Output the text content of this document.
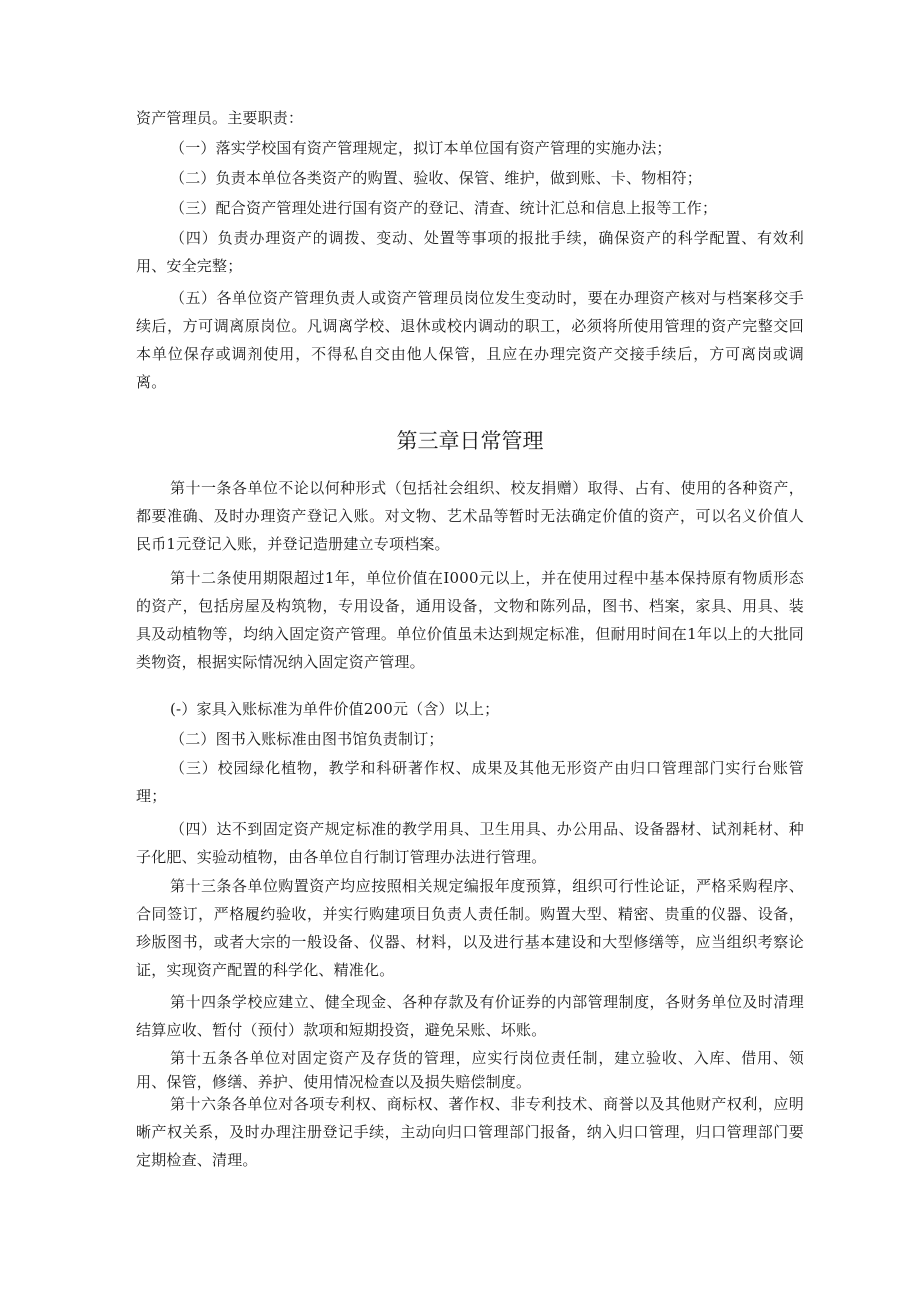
资产管理员。主要职责：

（一）落实学校国有资产管理规定，拟订本单位国有资产管理的实施办法；

（二）负责本单位各类资产的购置、验收、保管、维护，做到账、卡、物相符；

（三）配合资产管理处进行国有资产的登记、清查、统计汇总和信息上报等工作；

（四）负责办理资产的调拨、变动、处置等事项的报批手续，确保资产的科学配置、有效利用、安全完整；

（五）各单位资产管理负责人或资产管理员岗位发生变动时，要在办理资产核对与档案移交手续后，方可调离原岗位。凡调离学校、退休或校内调动的职工，必须将所使用管理的资产完整交回本单位保存或调剂使用，不得私自交由他人保管，且应在办理完资产交接手续后，方可离岗或调离。

第三章日常管理

第十一条各单位不论以何种形式（包括社会组织、校友捐赠）取得、占有、使用的各种资产，都要准确、及时办理资产登记入账。对文物、艺术品等暂时无法确定价值的资产，可以名义价值人民币1元登记入账，并登记造册建立专项档案。

第十二条使用期限超过1年，单位价值在I000元以上，并在使用过程中基本保持原有物质形态的资产，包括房屋及构筑物，专用设备，通用设备，文物和陈列品，图书、档案，家具、用具、装具及动植物等，均纳入固定资产管理。单位价值虽未达到规定标准，但耐用时间在1年以上的大批同类物资，根据实际情况纳入固定资产管理。

(-）家具入账标准为单件价值200元（含）以上；

（二）图书入账标准由图书馆负责制订；

（三）校园绿化植物，教学和科研著作权、成果及其他无形资产由归口管理部门实行台账管理；

（四）达不到固定资产规定标准的教学用具、卫生用具、办公用品、设备器材、试剂耗材、种子化肥、实验动植物，由各单位自行制订管理办法进行管理。

第十三条各单位购置资产均应按照相关规定编报年度预算，组织可行性论证，严格采购程序、合同签订，严格履约验收，并实行购建项目负责人责任制。购置大型、精密、贵重的仪器、设备，珍版图书，或者大宗的一般设备、仪器、材料，以及进行基本建设和大型修缮等，应当组织考察论证，实现资产配置的科学化、精准化。

第十四条学校应建立、健全现金、各种存款及有价证券的内部管理制度，各财务单位及时清理结算应收、暂付（预付）款项和短期投资，避免呆账、坏账。

第十五条各单位对固定资产及存货的管理，应实行岗位责任制，建立验收、入库、借用、领用、保管，修缮、养护、使用情况检查以及损失赔偿制度。

第十六条各单位对各项专利权、商标权、著作权、非专利技术、商誉以及其他财产权利，应明晰产权关系，及时办理注册登记手续，主动向归口管理部门报备，纳入归口管理，归口管理部门要定期检查、清理。
